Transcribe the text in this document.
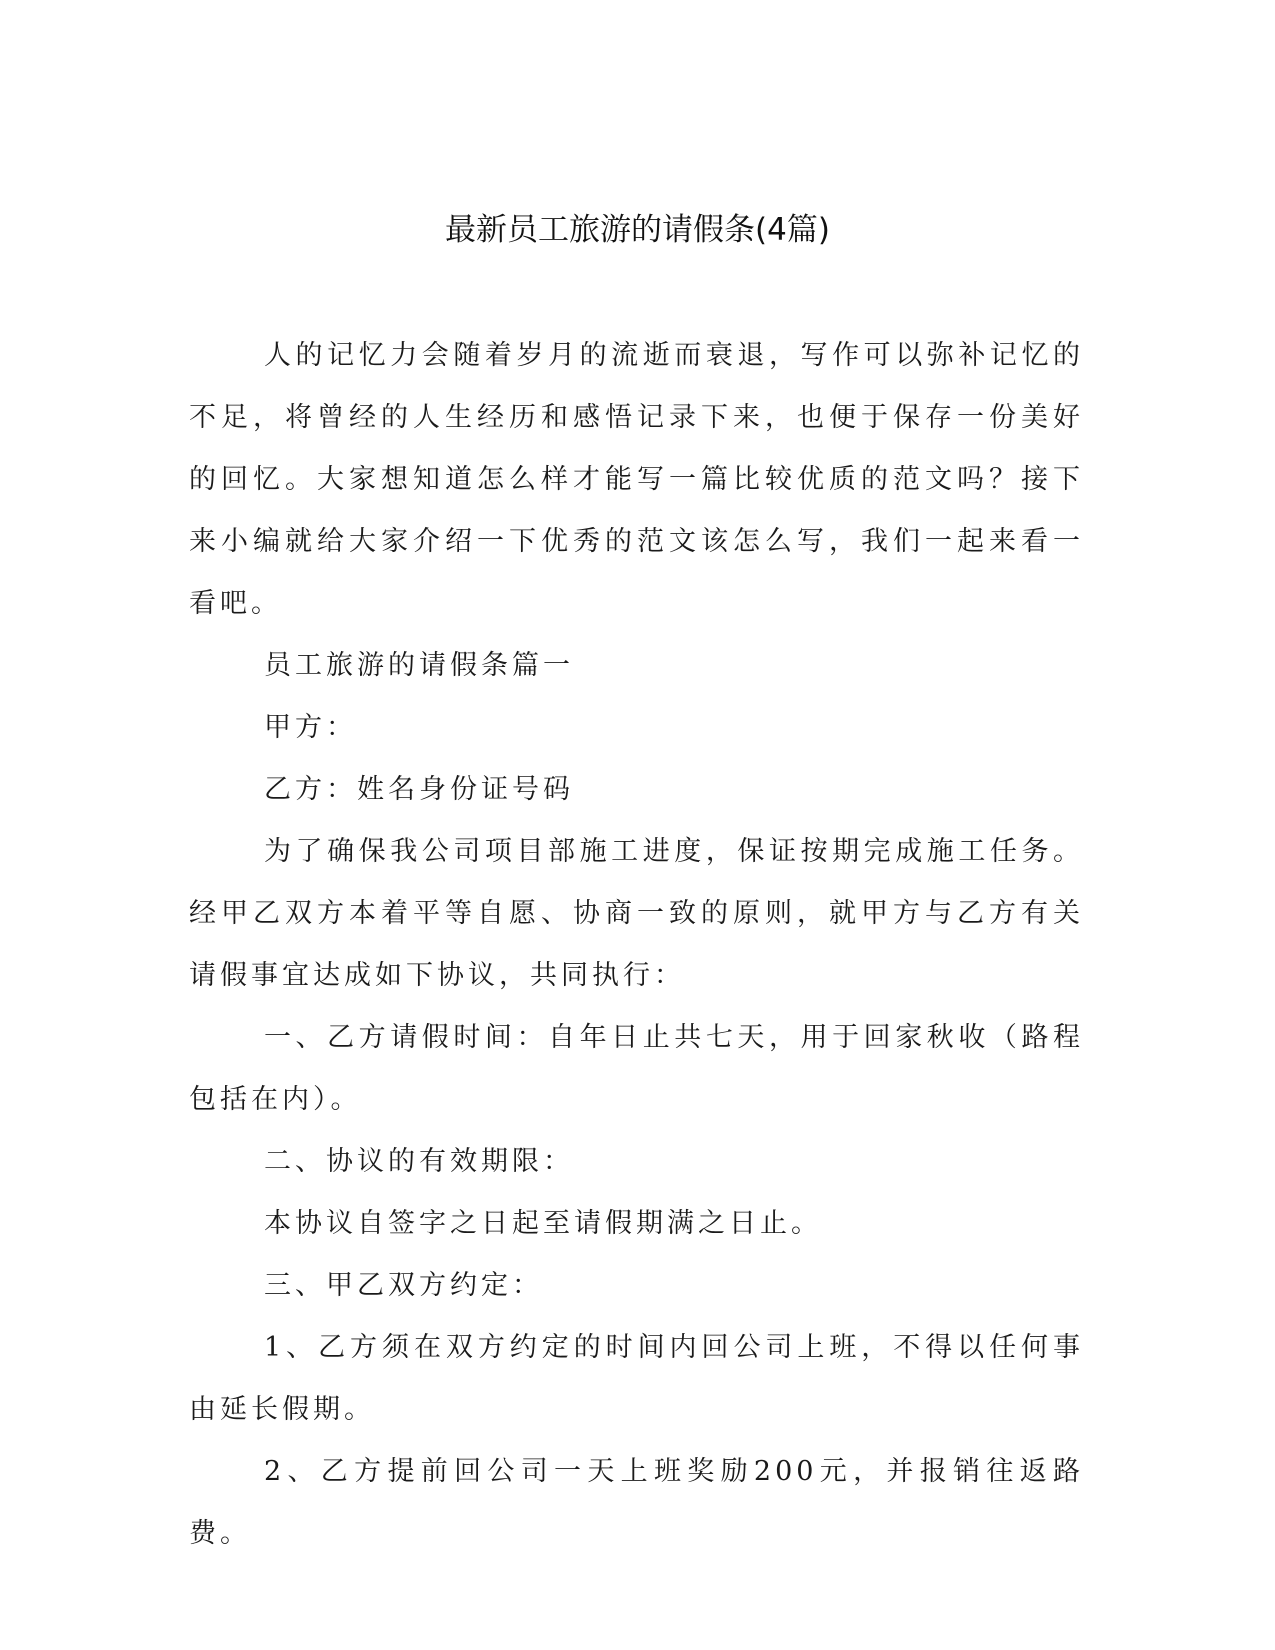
最新员工旅游的请假条(4篇)

人的记忆力会随着岁月的流逝而衰退，写作可以弥补记忆的不足，将曾经的人生经历和感悟记录下来，也便于保存一份美好的回忆。大家想知道怎么样才能写一篇比较优质的范文吗？接下来小编就给大家介绍一下优秀的范文该怎么写，我们一起来看一看吧。

员工旅游的请假条篇一

甲方：

乙方：姓名身份证号码

为了确保我公司项目部施工进度，保证按期完成施工任务。经甲乙双方本着平等自愿、协商一致的原则，就甲方与乙方有关请假事宜达成如下协议，共同执行：

一、乙方请假时间：自年日止共七天，用于回家秋收（路程包括在内）。

二、协议的有效期限：

本协议自签字之日起至请假期满之日止。

三、甲乙双方约定：

1、乙方须在双方约定的时间内回公司上班，不得以任何事由延长假期。

2、乙方提前回公司一天上班奖励200元，并报销往返路费。
